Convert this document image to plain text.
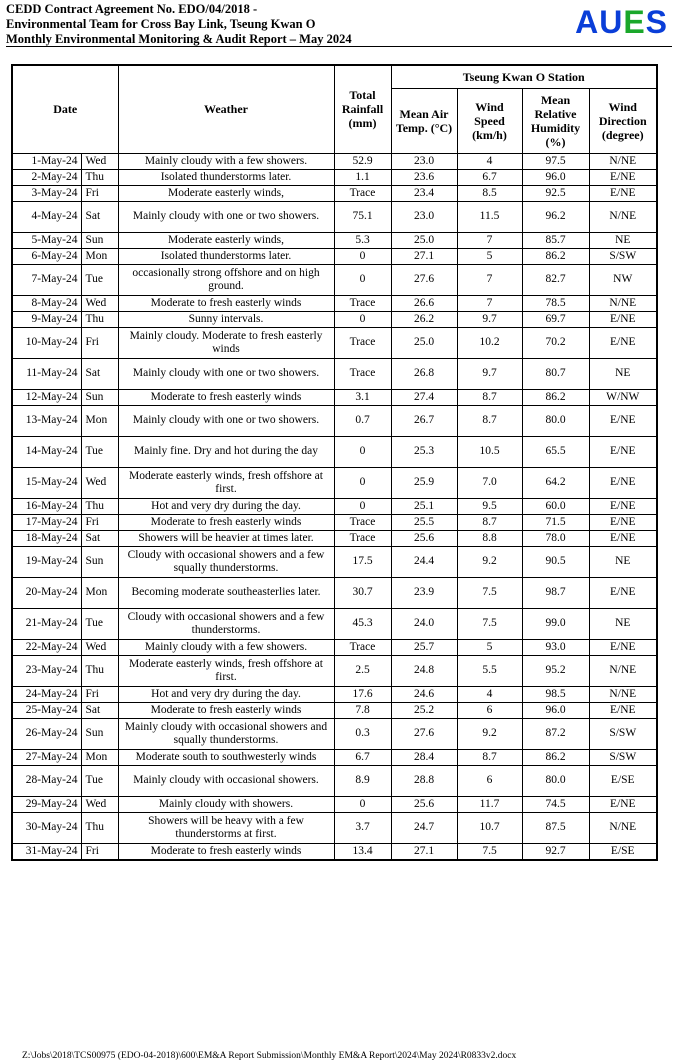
CEDD Contract Agreement No. EDO/04/2018 -
Environmental Team for Cross Bay Link, Tseung Kwan O
Monthly Environmental Monitoring & Audit Report – May 2024	AUES
Date		Weather	Total Rainfall (mm)	Tseung Kwan O Station			
				Mean Air Temp. (°C)	Wind Speed (km/h)	Mean Relative Humidity (%)	Wind Direction (degree)
1-May-24	Wed	Mainly cloudy with a few showers.	52.9	23.0	4	97.5	N/NE
2-May-24	Thu	Isolated thunderstorms later.	1.1	23.6	6.7	96.0	E/NE
3-May-24	Fri	Moderate easterly winds,	Trace	23.4	8.5	92.5	E/NE
4-May-24	Sat	Mainly cloudy with one or two showers.	75.1	23.0	11.5	96.2	N/NE
5-May-24	Sun	Moderate easterly winds,	5.3	25.0	7	85.7	NE
6-May-24	Mon	Isolated thunderstorms later.	0	27.1	5	86.2	S/SW
7-May-24	Tue	occasionally strong offshore and on high ground.	0	27.6	7	82.7	NW
8-May-24	Wed	Moderate to fresh easterly winds	Trace	26.6	7	78.5	N/NE
9-May-24	Thu	Sunny intervals.	0	26.2	9.7	69.7	E/NE
10-May-24	Fri	Mainly cloudy. Moderate to fresh easterly winds	Trace	25.0	10.2	70.2	E/NE
11-May-24	Sat	Mainly cloudy with one or two showers.	Trace	26.8	9.7	80.7	NE
12-May-24	Sun	Moderate to fresh easterly winds	3.1	27.4	8.7	86.2	W/NW
13-May-24	Mon	Mainly cloudy with one or two showers.	0.7	26.7	8.7	80.0	E/NE
14-May-24	Tue	Mainly fine. Dry and hot during the day	0	25.3	10.5	65.5	E/NE
15-May-24	Wed	Moderate easterly winds, fresh offshore at first.	0	25.9	7.0	64.2	E/NE
16-May-24	Thu	Hot and very dry during the day.	0	25.1	9.5	60.0	E/NE
17-May-24	Fri	Moderate to fresh easterly winds	Trace	25.5	8.7	71.5	E/NE
18-May-24	Sat	Showers will be heavier at times later.	Trace	25.6	8.8	78.0	E/NE
19-May-24	Sun	Cloudy with occasional showers and a few squally thunderstorms.	17.5	24.4	9.2	90.5	NE
20-May-24	Mon	Becoming moderate southeasterlies later.	30.7	23.9	7.5	98.7	E/NE
21-May-24	Tue	Cloudy with occasional showers and a few thunderstorms.	45.3	24.0	7.5	99.0	NE
22-May-24	Wed	Mainly cloudy with a few showers.	Trace	25.7	5	93.0	E/NE
23-May-24	Thu	Moderate easterly winds, fresh offshore at first.	2.5	24.8	5.5	95.2	N/NE
24-May-24	Fri	Hot and very dry during the day.	17.6	24.6	4	98.5	N/NE
25-May-24	Sat	Moderate to fresh easterly winds	7.8	25.2	6	96.0	E/NE
26-May-24	Sun	Mainly cloudy with occasional showers and squally thunderstorms.	0.3	27.6	9.2	87.2	S/SW
27-May-24	Mon	Moderate south to southwesterly winds	6.7	28.4	8.7	86.2	S/SW
28-May-24	Tue	Mainly cloudy with occasional showers.	8.9	28.8	6	80.0	E/SE
29-May-24	Wed	Mainly cloudy with showers.	0	25.6	11.7	74.5	E/NE
30-May-24	Thu	Showers will be heavy with a few thunderstorms at first.	3.7	24.7	10.7	87.5	N/NE
31-May-24	Fri	Moderate to fresh easterly winds	13.4	27.1	7.5	92.7	E/SE
Z:\Jobs\2018\TCS00975 (EDO-04-2018)\600\EM&A Report Submission\Monthly EM&A Report\2024\May 2024\R0833v2.docx
